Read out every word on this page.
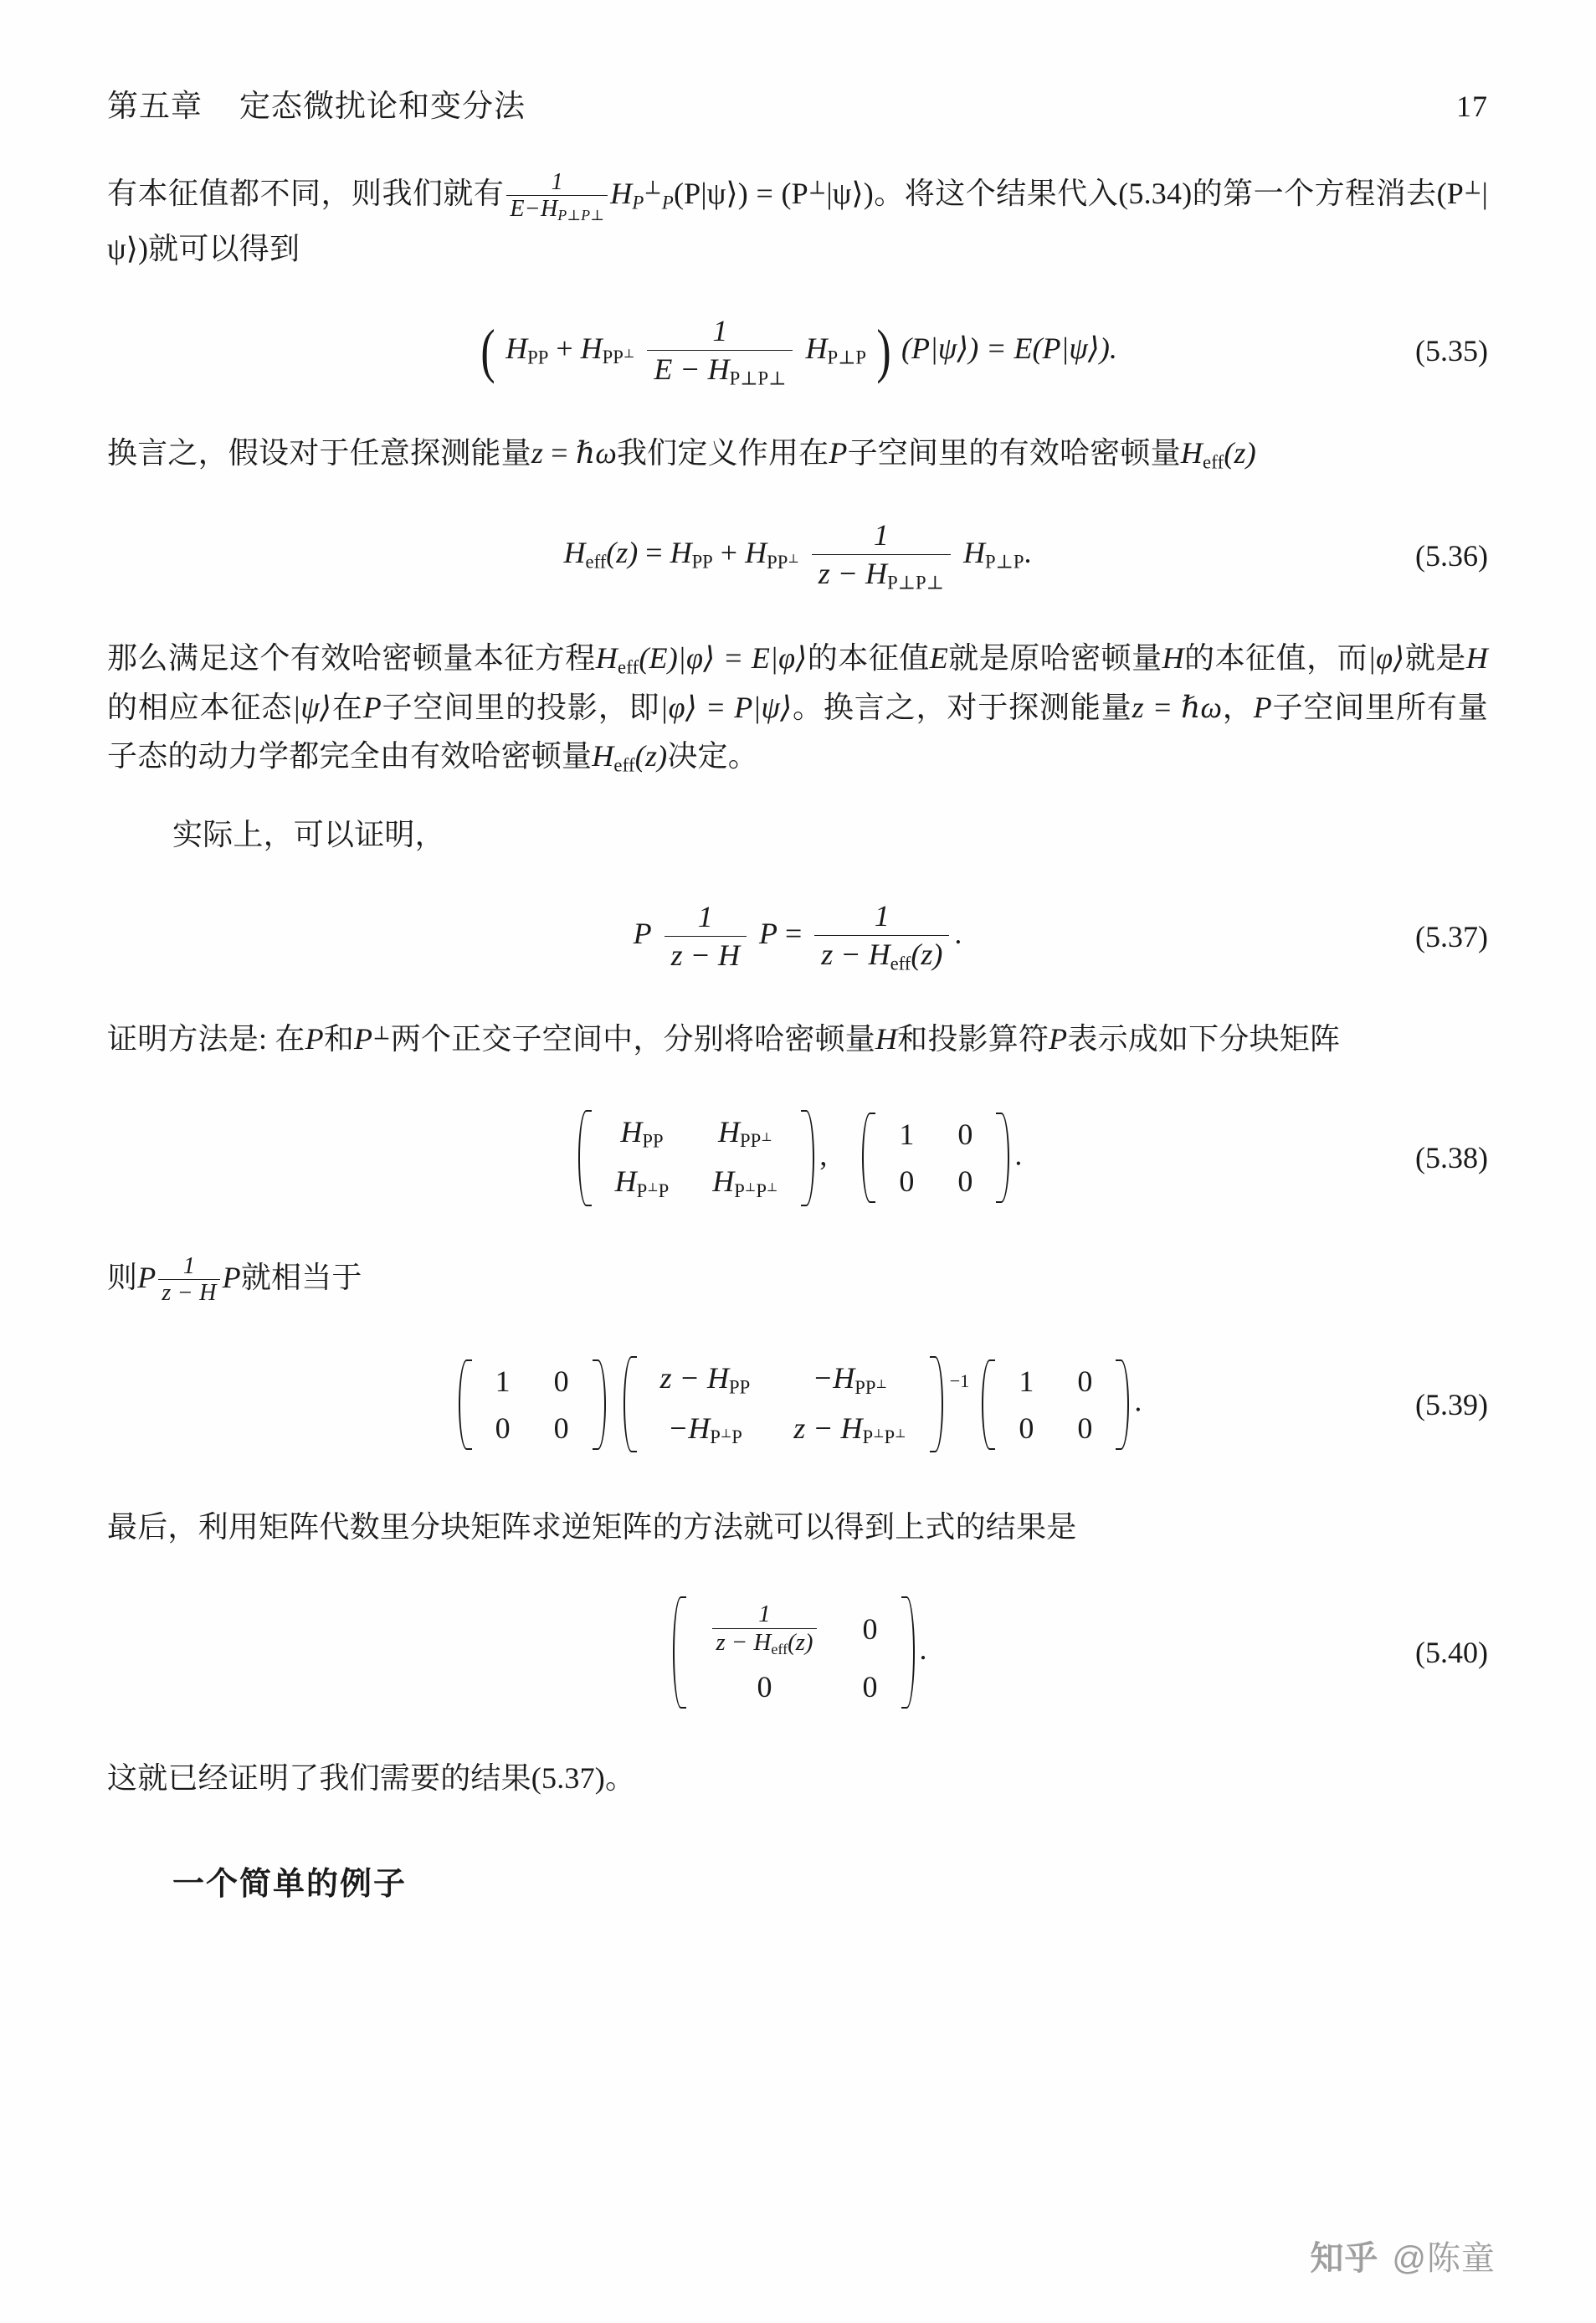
第五章 定态微扰论和变分法	17
有本征值都不同，则我们就有 $\frac{1}{E-H_{P\perp P\perp}}$ $H_P^\perp_P(P|\psi⟩)$ = (P⊥|ψ⟩)。将这个结果代入(5.34)的第一个方程消去(P⊥|ψ⟩)就可以得到
( $H_{PP} + H_{PP^\perp} \frac{1}{E - H_{P\perp P\perp}} H_{P\perp P}$ ) (P|ψ⟩) = E(P|ψ⟩).	(5.35)
换言之，假设对于任意探测能量z = ℏω我们定义作用在P子空间里的有效哈密顿量$H_{eff}(z)$
$H_{eff}(z) = H_{PP} + H_{PP^\perp} \frac{1}{z - H_{P\perp P\perp}} H_{P\perp P}$.	(5.36)
那么满足这个有效哈密顿量本征方程$H_{eff}(E)|\varphi⟩$ = E|φ⟩的本征值E就是原哈密顿量H的本征值，而|φ⟩就是H的相应本征态|ψ⟩在P子空间里的投影，即|φ⟩ = P|ψ⟩。换言之，对于探测能量z = ℏω，P子空间里所有量子态的动力学都完全由有效哈密顿量$H_{eff}(z)$决定。
实际上，可以证明，
P $\frac{1}{z - H}$ $P = \frac{1}{z - H_{eff}(z)}$ .	(5.37)
证明方法是: 在P和P⊥两个正交子空间中，分别将哈密顿量H和投影算符P表示成如下分块矩阵
$H_{PP}$	$H_{PP^\perp}$
$H_{P^\perp P}$	$H_{P^\perp P^\perp}$
,
1	0
0	0
.	(5.38)
则P $\frac{1}{z - H}$ P就相当于
1	0
0	0

$z - H_{PP}$	$-H_{PP^\perp}$
$-H_{P^\perp P}$	$z - H_{P^\perp P^\perp}$
$^{-1}$ 1	0
0	0
.	(5.39)
最后，利用矩阵代数里分块矩阵求逆矩阵的方法就可以得到上式的结果是
$\frac{1}{z - H_{eff}(z)}$	0
0	0
.	(5.40)
这就已经证明了我们需要的结果(5.37)。
一个简单的例子
知乎 @陈童
